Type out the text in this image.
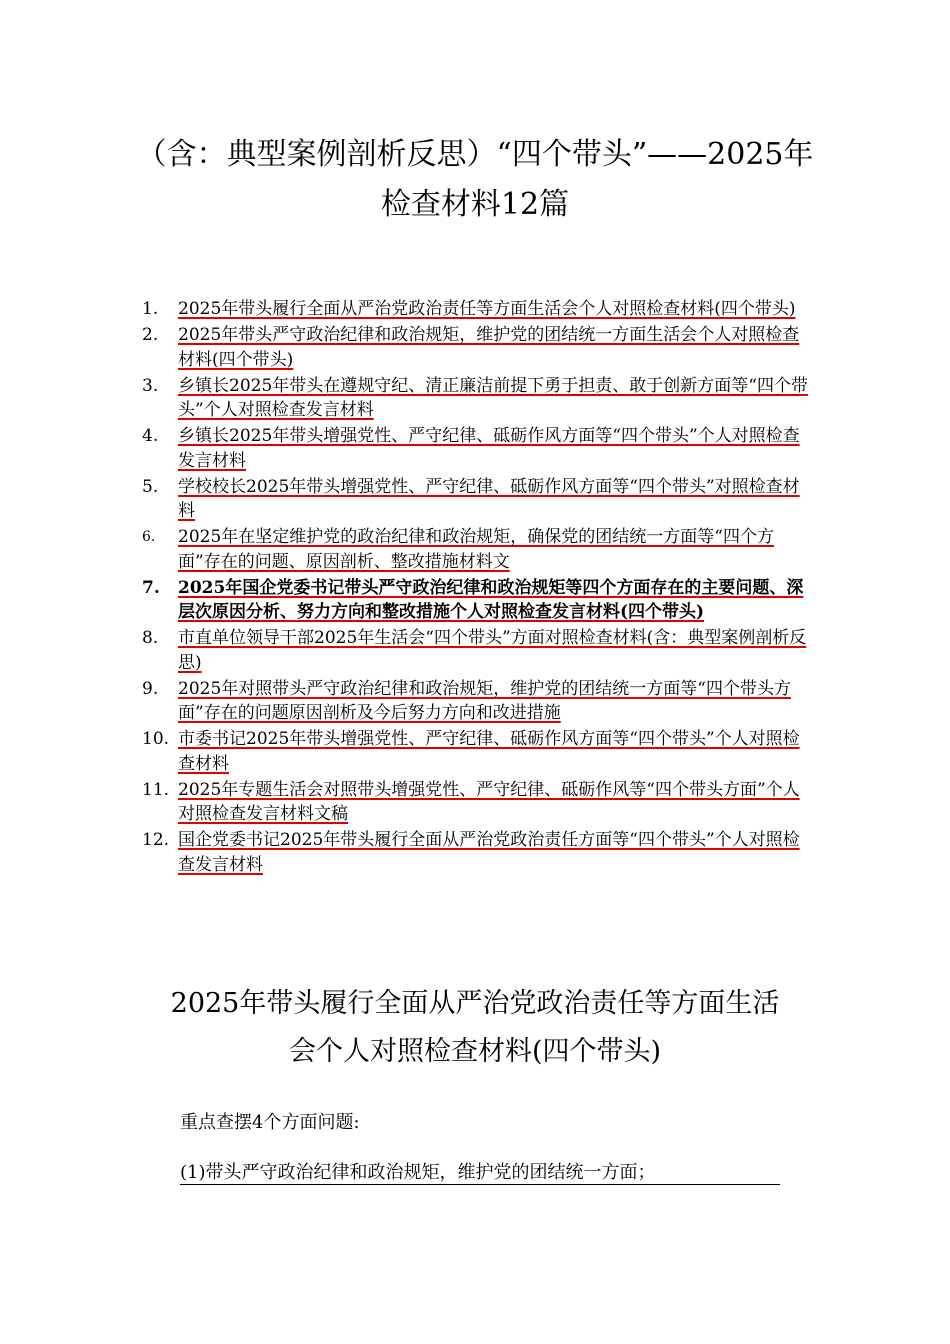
（含：典型案例剖析反思）“四个带头”——2025年
检查材料12篇
1.	2025年带头履行全面从严治党政治责任等方面生活会个人对照检查材料(四个带头)
2.	2025年带头严守政治纪律和政治规矩，维护党的团结统一方面生活会个人对照检查材料(四个带头)
3.	乡镇长2025年带头在遵规守纪、清正廉洁前提下勇于担责、敢于创新方面等“四个带头”个人对照检查发言材料
4.	乡镇长2025年带头增强党性、严守纪律、砥砺作风方面等“四个带头”个人对照检查发言材料
5.	学校校长2025年带头增强党性、严守纪律、砥砺作风方面等“四个带头”对照检查材料
6.	2025年在坚定维护党的政治纪律和政治规矩，确保党的团结统一方面等“四个方面”存在的问题、原因剖析、整改措施材料文
7.	2025年国企党委书记带头严守政治纪律和政治规矩等四个方面存在的主要问题、深层次原因分析、努力方向和整改措施个人对照检查发言材料(四个带头)
8.	市直单位领导干部2025年生活会“四个带头”方面对照检查材料(含：典型案例剖析反思)
9.	2025年对照带头严守政治纪律和政治规矩，维护党的团结统一方面等“四个带头方面”存在的问题原因剖析及今后努力方向和改进措施
10. 市委书记2025年带头增强党性、严守纪律、砥砺作风方面等“四个带头”个人对照检查材料
11. 2025年专题生活会对照带头增强党性、严守纪律、砥砺作风等“四个带头方面”个人对照检查发言材料文稿
12. 国企党委书记2025年带头履行全面从严治党政治责任方面等“四个带头”个人对照检查发言材料
2025年带头履行全面从严治党政治责任等方面生活
会个人对照检查材料(四个带头)

重点查摆4个方面问题:

(1)带头严守政治纪律和政治规矩，维护党的团结统一方面；
